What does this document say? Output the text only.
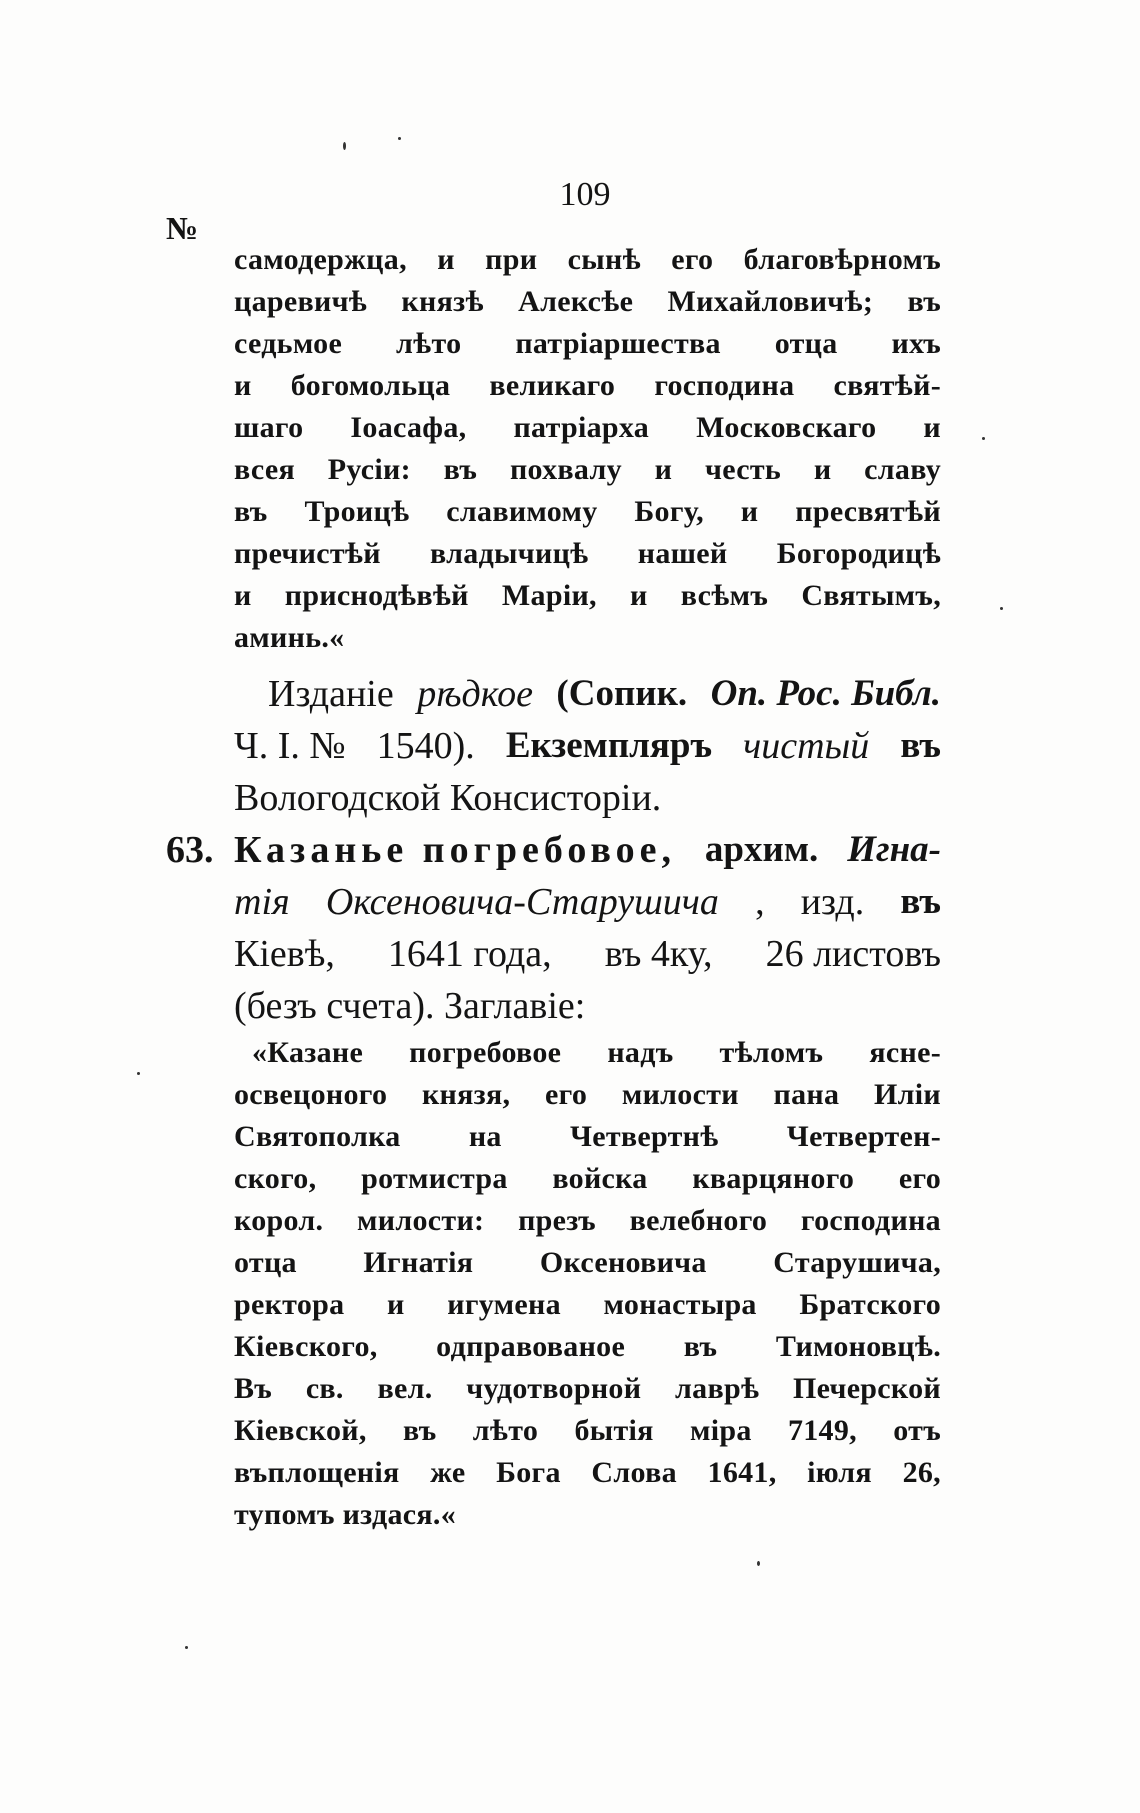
109
№
самодержца, и при сынѣ его благовѣрномъ
царевичѣ князѣ Алексѣе Михайловичѣ; въ
седьмое лѣто патріаршества отца ихъ
и богомольца великаго господина святѣй-
шаго Іоасафа, патріарха Московскаго и
всея Русіи: въ похвалу и честь и славу
въ Троицѣ славимому Богу, и пресвятѣй
пречистѣй владычицѣ нашей Богородицѣ
и приснодѣвѣй Маріи, и всѣмъ Святымъ,
аминь.«
Изданіе рѣдкое (Сопик. Оп. Рос. Библ.
Ч. I. № 1540). Екземпляръ чистый въ
Вологодской Консисторіи.
63. Казанье погребовое, архим. Игна-
тія Оксеновича-Старушича , изд. въ
Кіевѣ, 1641 года, въ 4ку, 26 листовъ
(безъ счета). Заглавіе:
«Казане погребовое надъ тѣломъ ясне-
освецоного князя, его милости пана Иліи
Святополка на Четвертнѣ Четвертен-
ского, ротмистра войска кварцяного его
корол. милости: презъ велебного господина
отца Игнатія Оксеновича Старушича,
ректора и игумена монастыра Братского
Кіевского, одправованое въ Тимоновцѣ.
Въ св. вел. чудотворной лаврѣ Печерской
Кіевской, въ лѣто бытія міра 7149, отъ
въплощенія же Бога Слова 1641, іюля 26,
тупомъ издася.«
